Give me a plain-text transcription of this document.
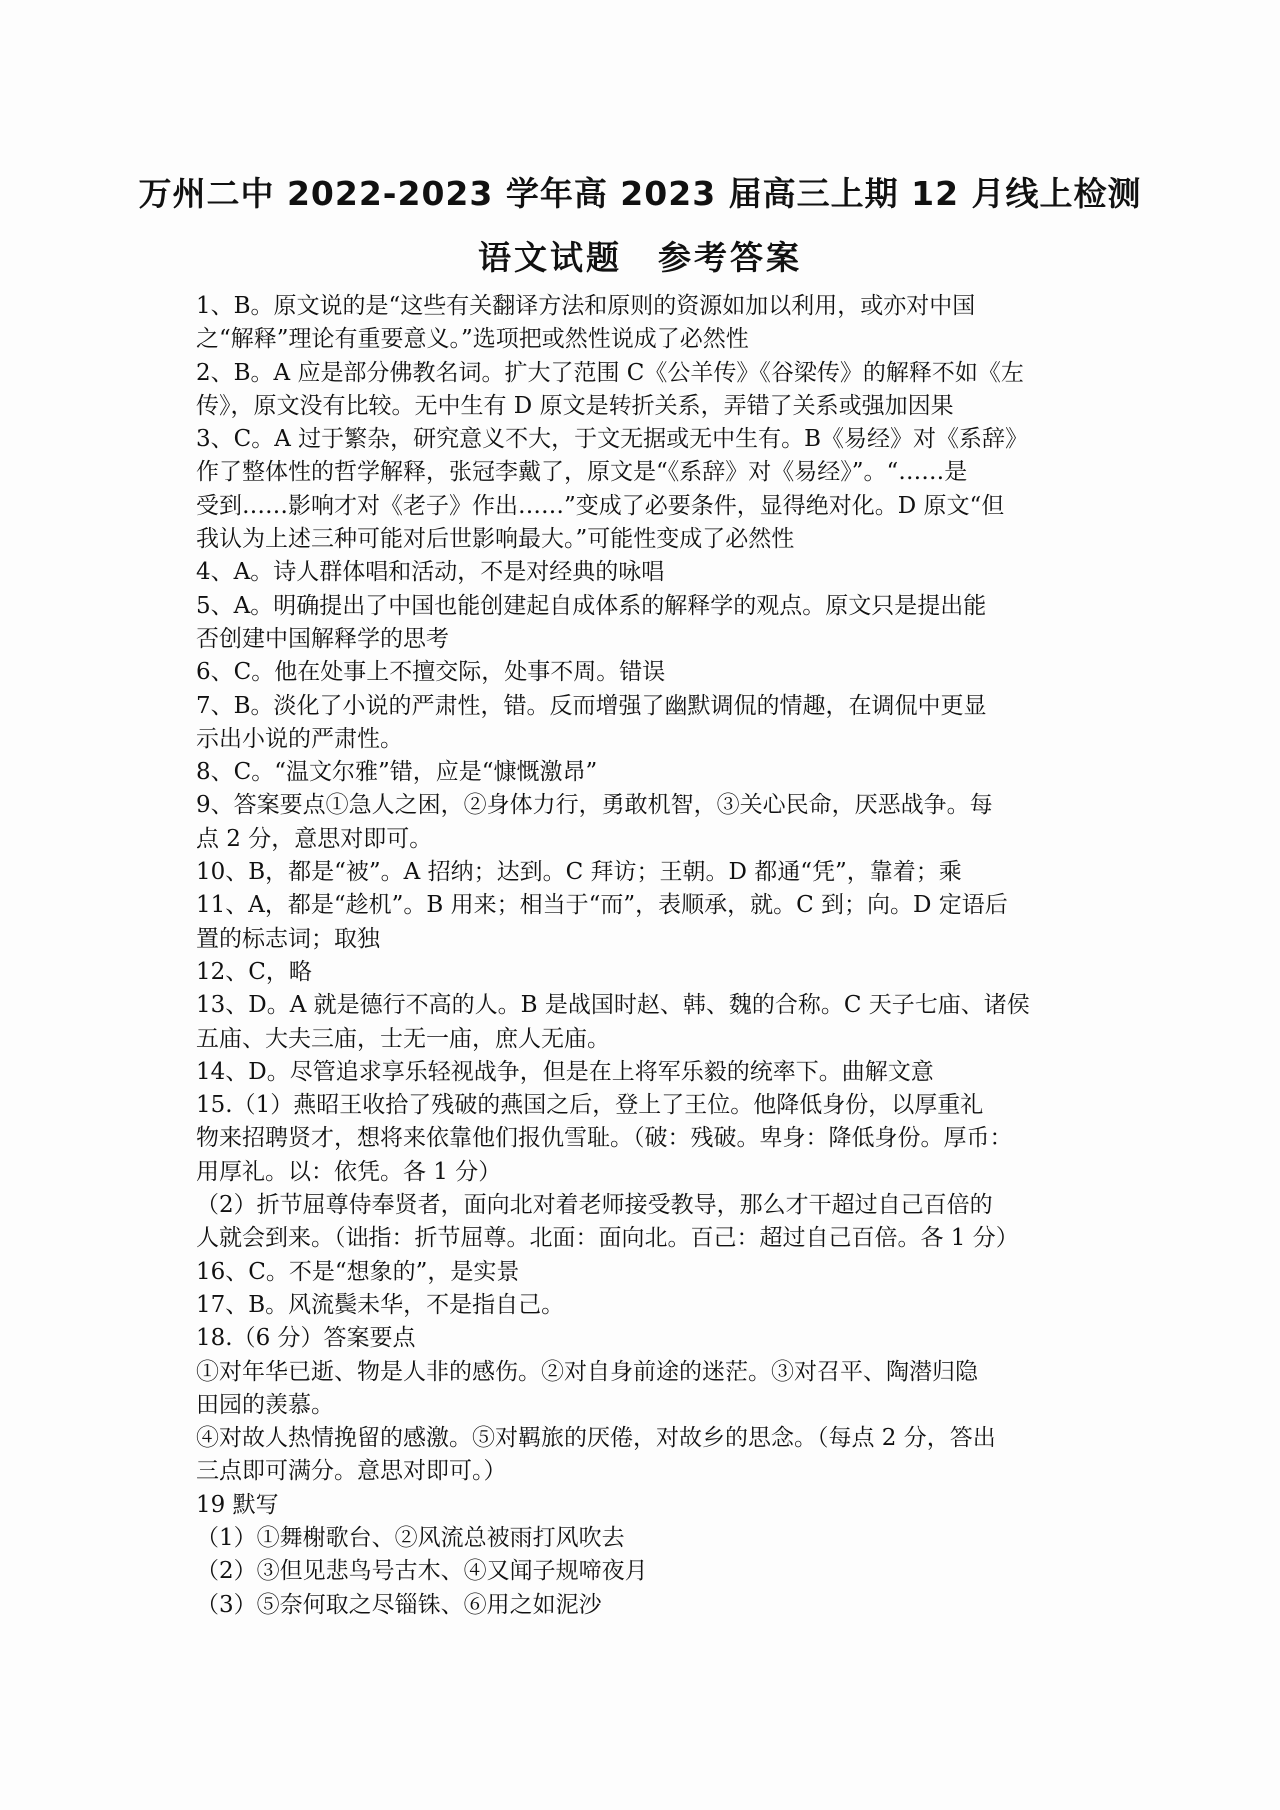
万州二中 2022-2023 学年高 2023 届高三上期 12 月线上检测
语文试题　参考答案
1、B。原文说的是“这些有关翻译方法和原则的资源如加以利用，或亦对中国
之“解释”理论有重要意义。”选项把或然性说成了必然性
2、B。A 应是部分佛教名词。扩大了范围 C《公羊传》《谷梁传》的解释不如《左
传》，原文没有比较。无中生有 D 原文是转折关系，弄错了关系或强加因果
3、C。A 过于繁杂，研究意义不大，于文无据或无中生有。B《易经》对《系辞》
作了整体性的哲学解释，张冠李戴了，原文是“《系辞》对《易经》”。“……是
受到……影响才对《老子》作出……”变成了必要条件，显得绝对化。D 原文“但
我认为上述三种可能对后世影响最大。”可能性变成了必然性
4、A。诗人群体唱和活动，不是对经典的咏唱
5、A。明确提出了中国也能创建起自成体系的解释学的观点。原文只是提出能
否创建中国解释学的思考
6、C。他在处事上不擅交际，处事不周。错误
7、B。淡化了小说的严肃性，错。反而增强了幽默调侃的情趣，在调侃中更显
示出小说的严肃性。
8、C。“温文尔雅”错，应是“慷慨激昂”
9、答案要点①急人之困，②身体力行，勇敢机智，③关心民命，厌恶战争。每
点 2 分，意思对即可。
10、B，都是“被”。A 招纳；达到。C 拜访；王朝。D 都通“凭”，靠着；乘
11、A，都是“趁机”。B 用来；相当于“而”，表顺承，就。C 到；向。D 定语后
置的标志词；取独
12、C，略
13、D。A 就是德行不高的人。B 是战国时赵、韩、魏的合称。C 天子七庙、诸侯
五庙、大夫三庙，士无一庙，庶人无庙。
14、D。尽管追求享乐轻视战争，但是在上将军乐毅的统率下。曲解文意
15.（1）燕昭王收拾了残破的燕国之后，登上了王位。他降低身份，以厚重礼
物来招聘贤才，想将来依靠他们报仇雪耻。（破：残破。卑身：降低身份。厚币：
用厚礼。以：依凭。各 1 分）
（2）折节屈尊侍奉贤者，面向北对着老师接受教导，那么才干超过自己百倍的
人就会到来。（诎指：折节屈尊。北面：面向北。百己：超过自己百倍。各 1 分）
16、C。不是“想象的”，是实景
17、B。风流鬓未华，不是指自己。
18.（6 分）答案要点
①对年华已逝、物是人非的感伤。②对自身前途的迷茫。③对召平、陶潜归隐
田园的羡慕。
④对故人热情挽留的感激。⑤对羁旅的厌倦，对故乡的思念。（每点 2 分，答出
三点即可满分。意思对即可。）
19 默写
（1）①舞榭歌台、②风流总被雨打风吹去
（2）③但见悲鸟号古木、④又闻子规啼夜月
（3）⑤奈何取之尽锱铢、⑥用之如泥沙
